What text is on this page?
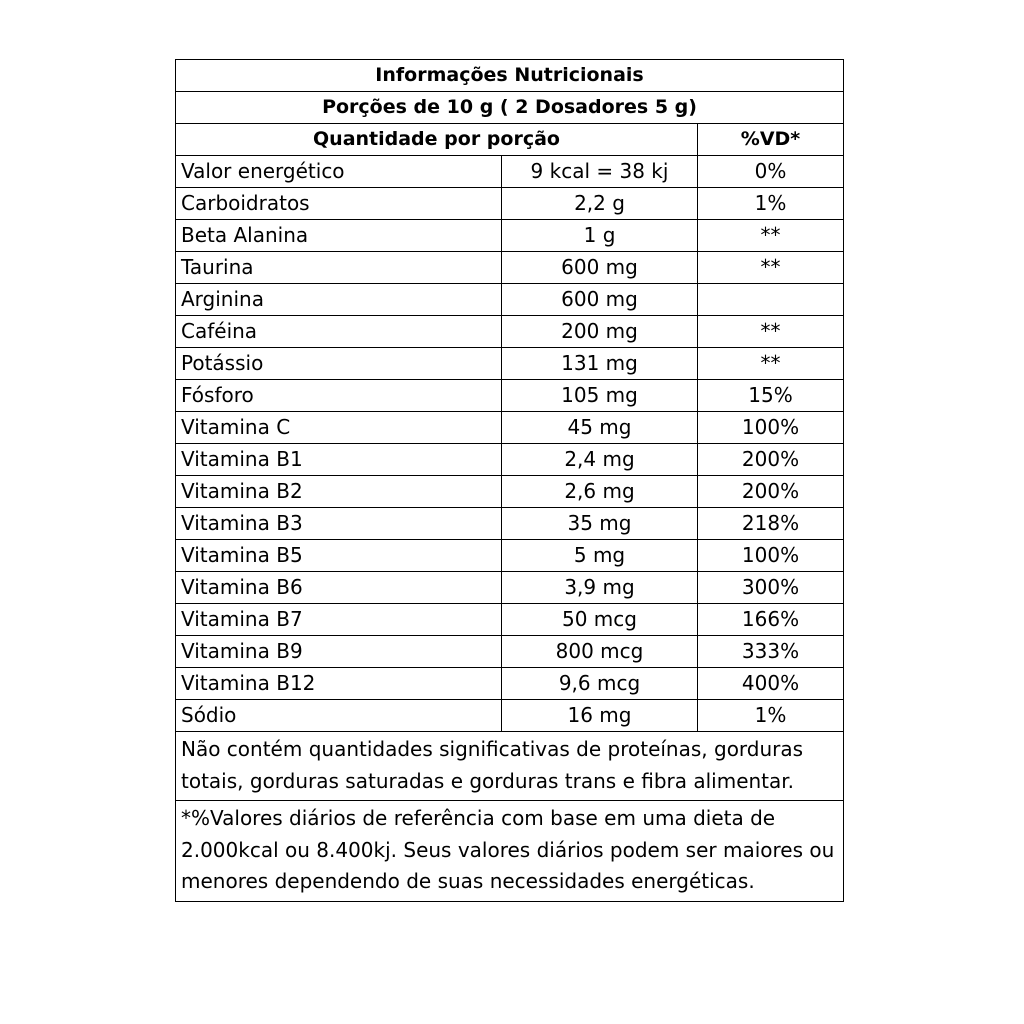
Informações Nutricionais		
Porções de 10 g ( 2 Dosadores 5 g)		
Quantidade por porção		%VD*
Valor energético	9 kcal = 38 kj	0%
Carboidratos	2,2 g	1%
Beta Alanina	1 g	**
Taurina	600 mg	**
Arginina	600 mg	
Caféina	200 mg	**
Potássio	131 mg	**
Fósforo	105 mg	15%
Vitamina C	45 mg	100%
Vitamina B1	2,4 mg	200%
Vitamina B2	2,6 mg	200%
Vitamina B3	35 mg	218%
Vitamina B5	5 mg	100%
Vitamina B6	3,9 mg	300%
Vitamina B7	50 mcg	166%
Vitamina B9	800 mcg	333%
Vitamina B12	9,6 mcg	400%
Sódio	16 mg	1%
Não contém quantidades significativas de proteínas, gorduras totais, gorduras saturadas e gorduras trans e fibra alimentar.		
*%Valores diários de referência com base em uma dieta de 2.000kcal ou 8.400kj. Seus valores diários podem ser maiores ou menores dependendo de suas necessidades energéticas.		
